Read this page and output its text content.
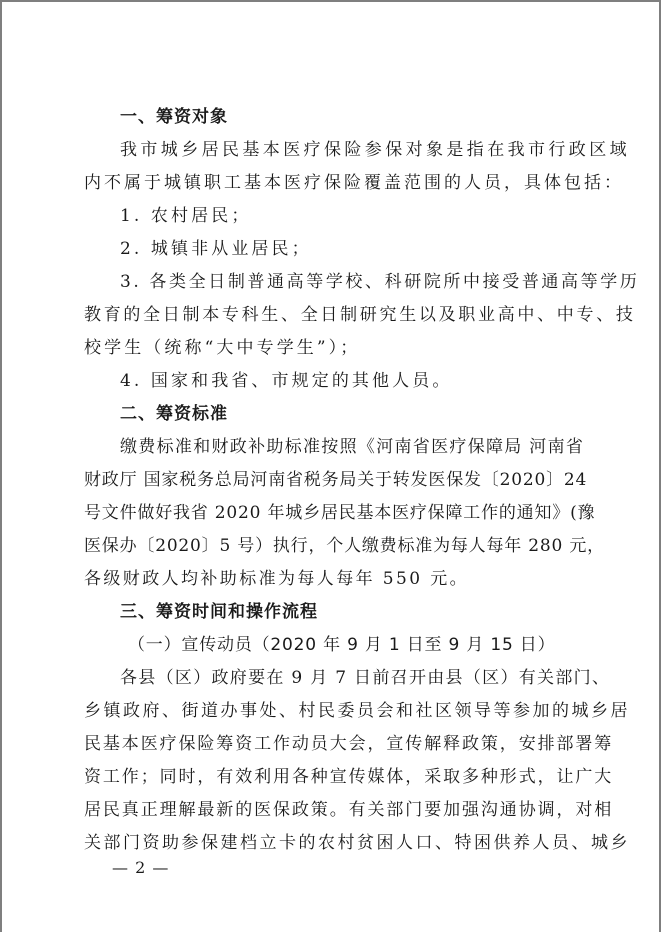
一、筹资对象
我市城乡居民基本医疗保险参保对象是指在我市行政区域
内不属于城镇职工基本医疗保险覆盖范围的人员，具体包括：
1. 农村居民；
2. 城镇非从业居民；
3. 各类全日制普通高等学校、科研院所中接受普通高等学历
教育的全日制本专科生、全日制研究生以及职业高中、中专、技
校学生（统称“大中专学生”）；
4. 国家和我省、市规定的其他人员。
二、筹资标准
缴费标准和财政补助标准按照《河南省医疗保障局 河南省
财政厅 国家税务总局河南省税务局关于转发医保发〔2020〕24
号文件做好我省 2020 年城乡居民基本医疗保障工作的通知》(豫
医保办〔2020〕5 号）执行，个人缴费标准为每人每年 280 元，
各级财政人均补助标准为每人每年 550 元。
三、筹资时间和操作流程
（一）宣传动员（2020 年 9 月 1 日至 9 月 15 日）
各县（区）政府要在 9 月 7 日前召开由县（区）有关部门、
乡镇政府、街道办事处、村民委员会和社区领导等参加的城乡居
民基本医疗保险筹资工作动员大会，宣传解释政策，安排部署筹
资工作；同时，有效利用各种宣传媒体，采取多种形式，让广大
居民真正理解最新的医保政策。有关部门要加强沟通协调，对相
关部门资助参保建档立卡的农村贫困人口、特困供养人员、城乡
— 2 —
